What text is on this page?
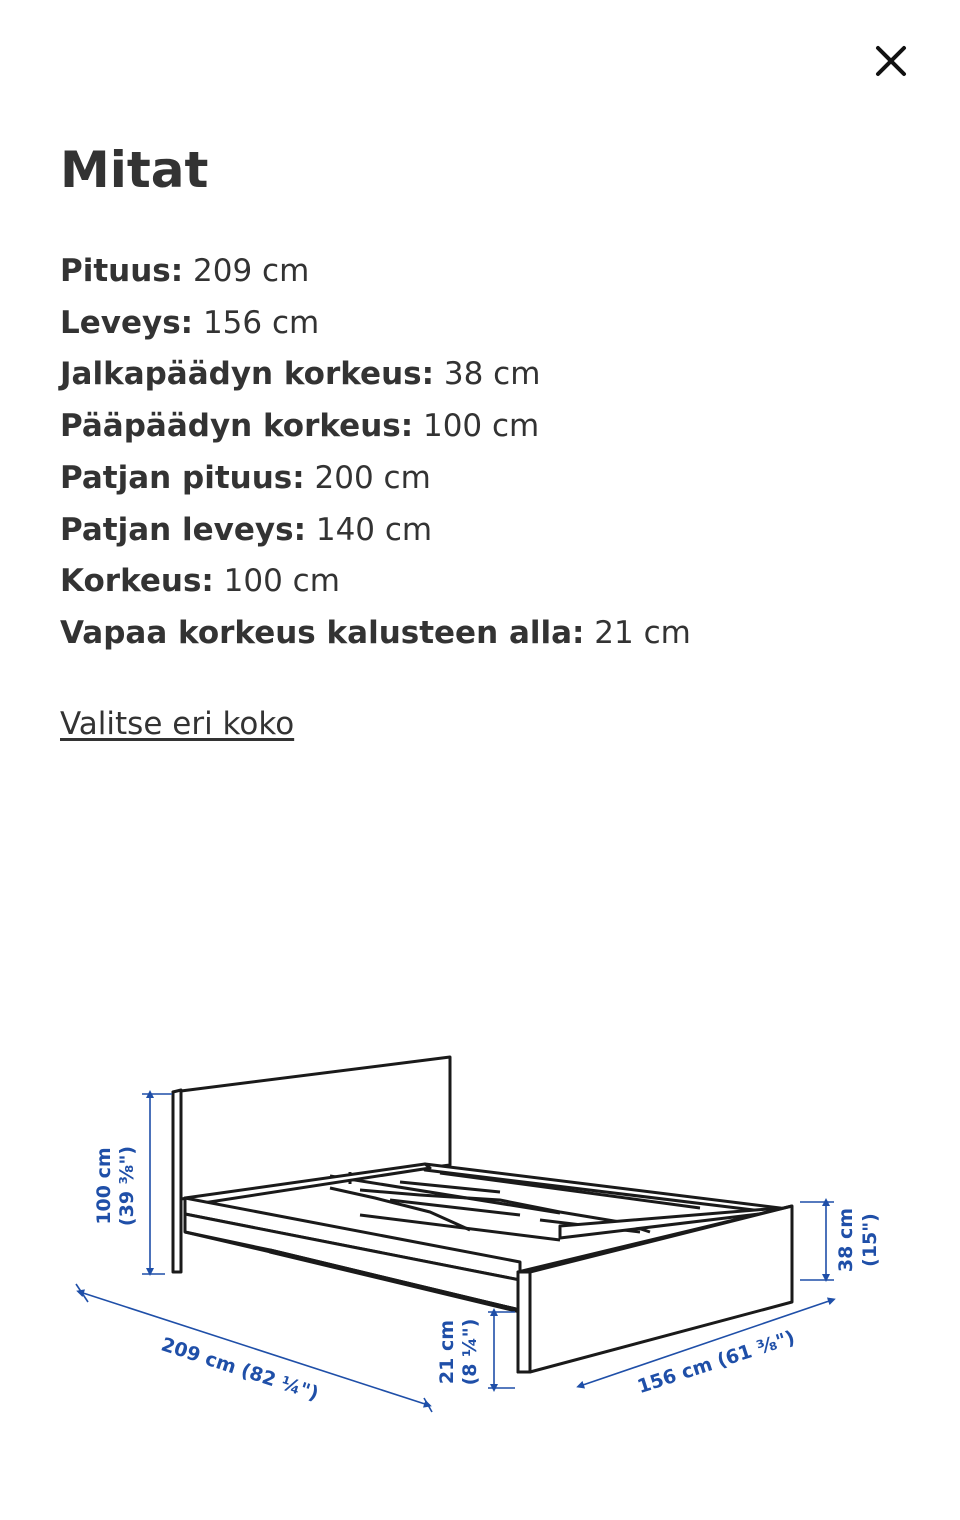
Mitat
Pituus: 209 cm
Leveys: 156 cm
Jalkapäädyn korkeus: 38 cm
Pääpäädyn korkeus: 100 cm
Patjan pituus: 200 cm
Patjan leveys: 140 cm
Korkeus: 100 cm
Vapaa korkeus kalusteen alla: 21 cm
Valitse eri koko
100 cm (39 ³⁄₈")
209 cm (82 ¼")	21 cm (8 ¼")	156 cm (61 ³⁄₈")
38 cm (15")
